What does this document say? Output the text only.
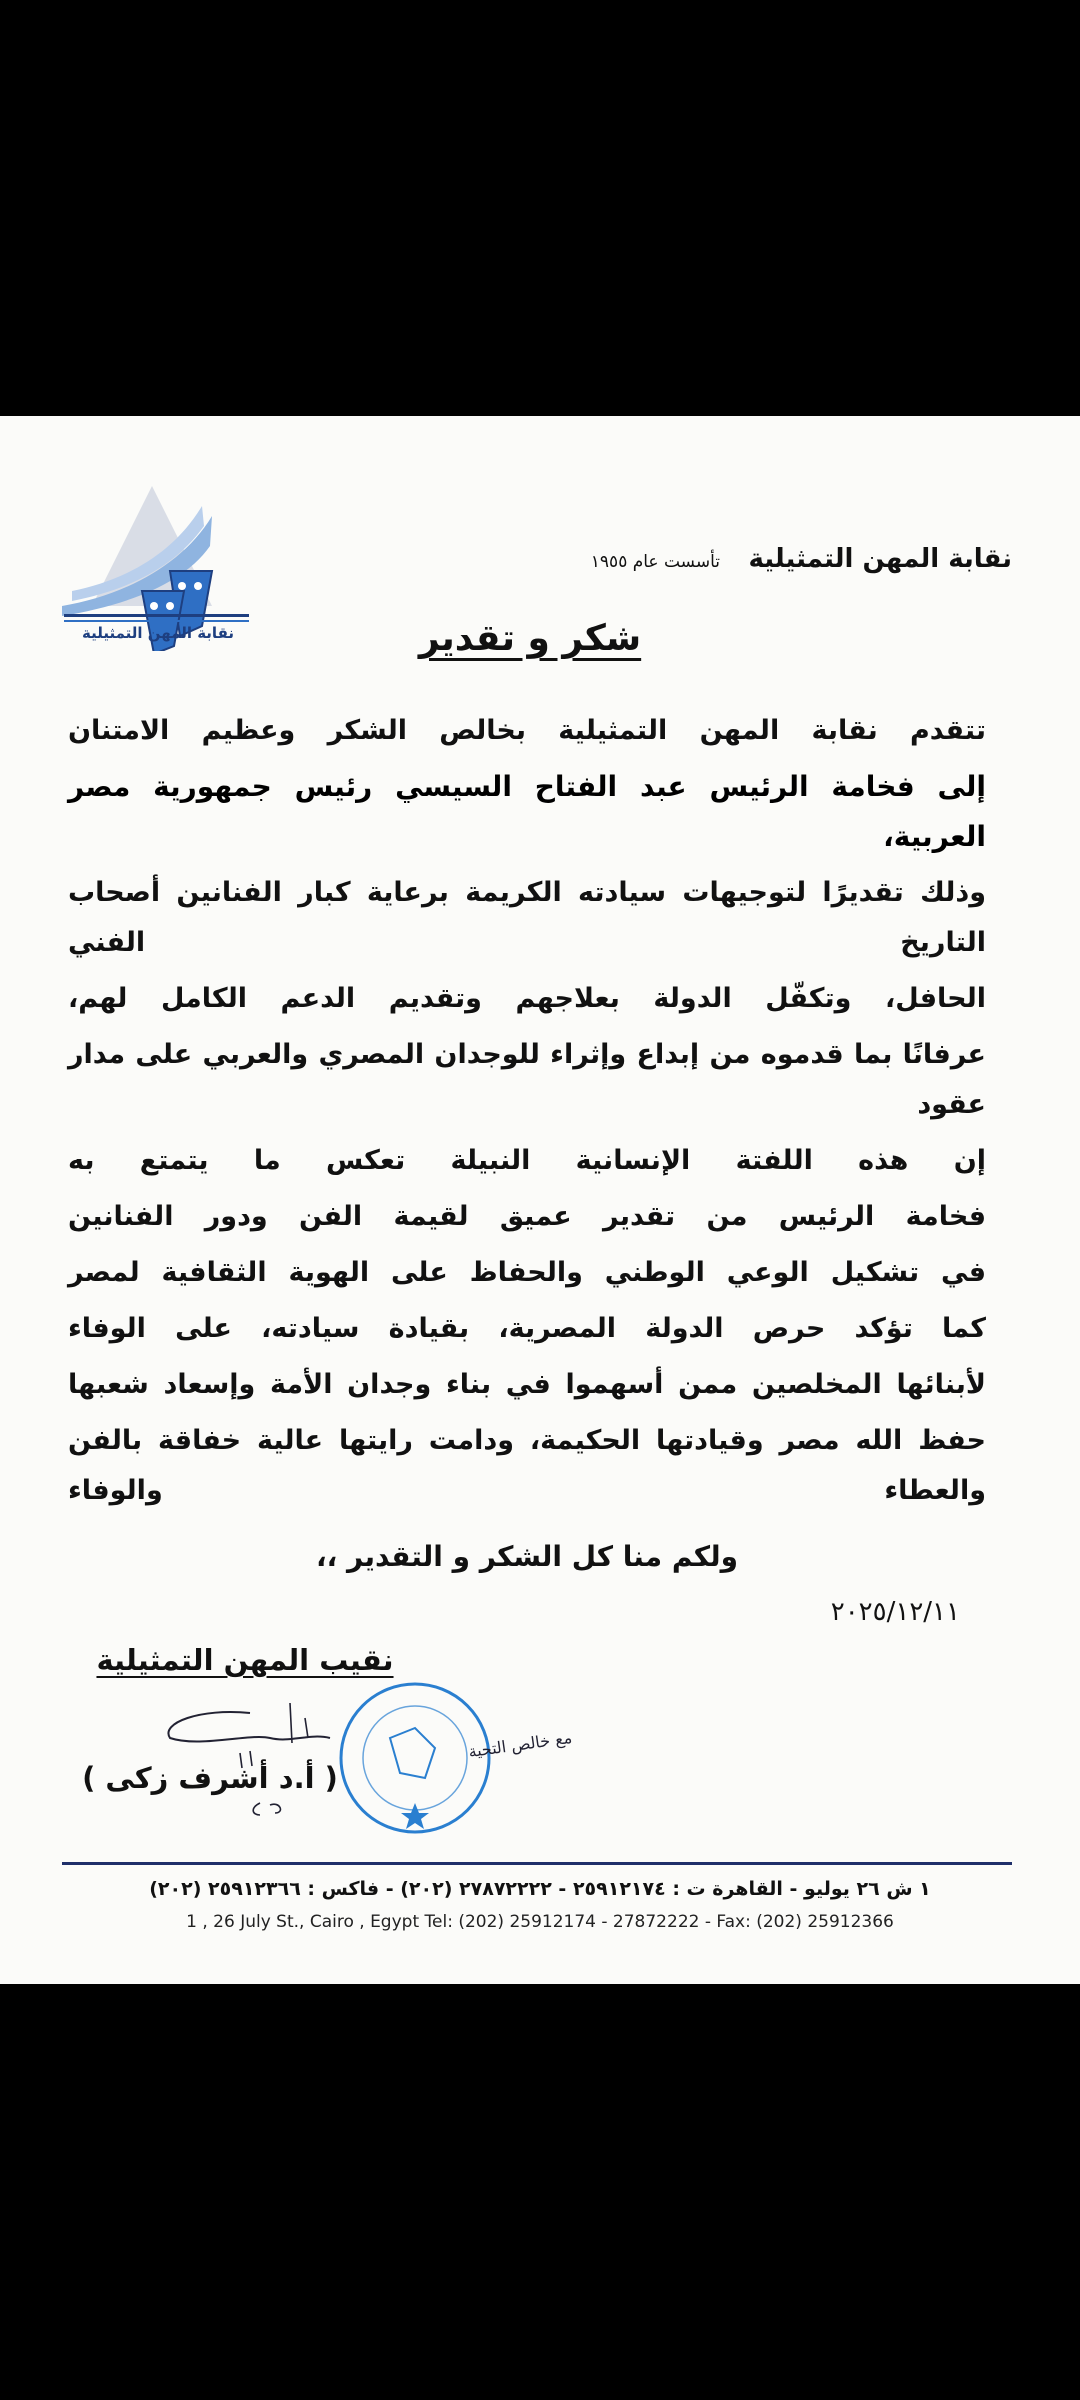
نقابة المهن التمثيلية
نقابة المهن التمثيلية
تأسست عام ١٩٥٥
شكر و تقدير
تتقدم نقابة المهن التمثيلية بخالص الشكر وعظيم الامتنان
إلى فخامة الرئيس عبد الفتاح السيسي رئيس جمهورية مصر العربية،
وذلك تقديرًا لتوجيهات سيادته الكريمة برعاية كبار الفنانين أصحاب التاريخ الفني
الحافل، وتكفّل الدولة بعلاجهم وتقديم الدعم الكامل لهم،
عرفانًا بما قدموه من إبداع وإثراء للوجدان المصري والعربي على مدار عقود
إن هذه اللفتة الإنسانية النبيلة تعكس ما يتمتع به
فخامة الرئيس من تقدير عميق لقيمة الفن ودور الفنانين
في تشكيل الوعي الوطني والحفاظ على الهوية الثقافية لمصر
كما تؤكد حرص الدولة المصرية، بقيادة سيادته، على الوفاء
لأبنائها المخلصين ممن أسهموا في بناء وجدان الأمة وإسعاد شعبها
حفظ الله مصر وقيادتها الحكيمة، ودامت رايتها عالية خفاقة بالفن والعطاء والوفاء
ولكم منا كل الشكر و التقدير ،،
٢٠٢٥/١٢/١١
نقيب المهن التمثيلية
مع خالص التحية
( أ.د أشرف زكى )
١ ش ٢٦ يوليو - القاهرة ت : ٢٥٩١٢١٧٤ - ٢٧٨٧٢٢٢٢ (٢٠٢) - فاكس : ٢٥٩١٢٣٦٦ (٢٠٢)
1 , 26 July St., Cairo , Egypt Tel: (202) 25912174 - 27872222 - Fax: (202) 25912366
